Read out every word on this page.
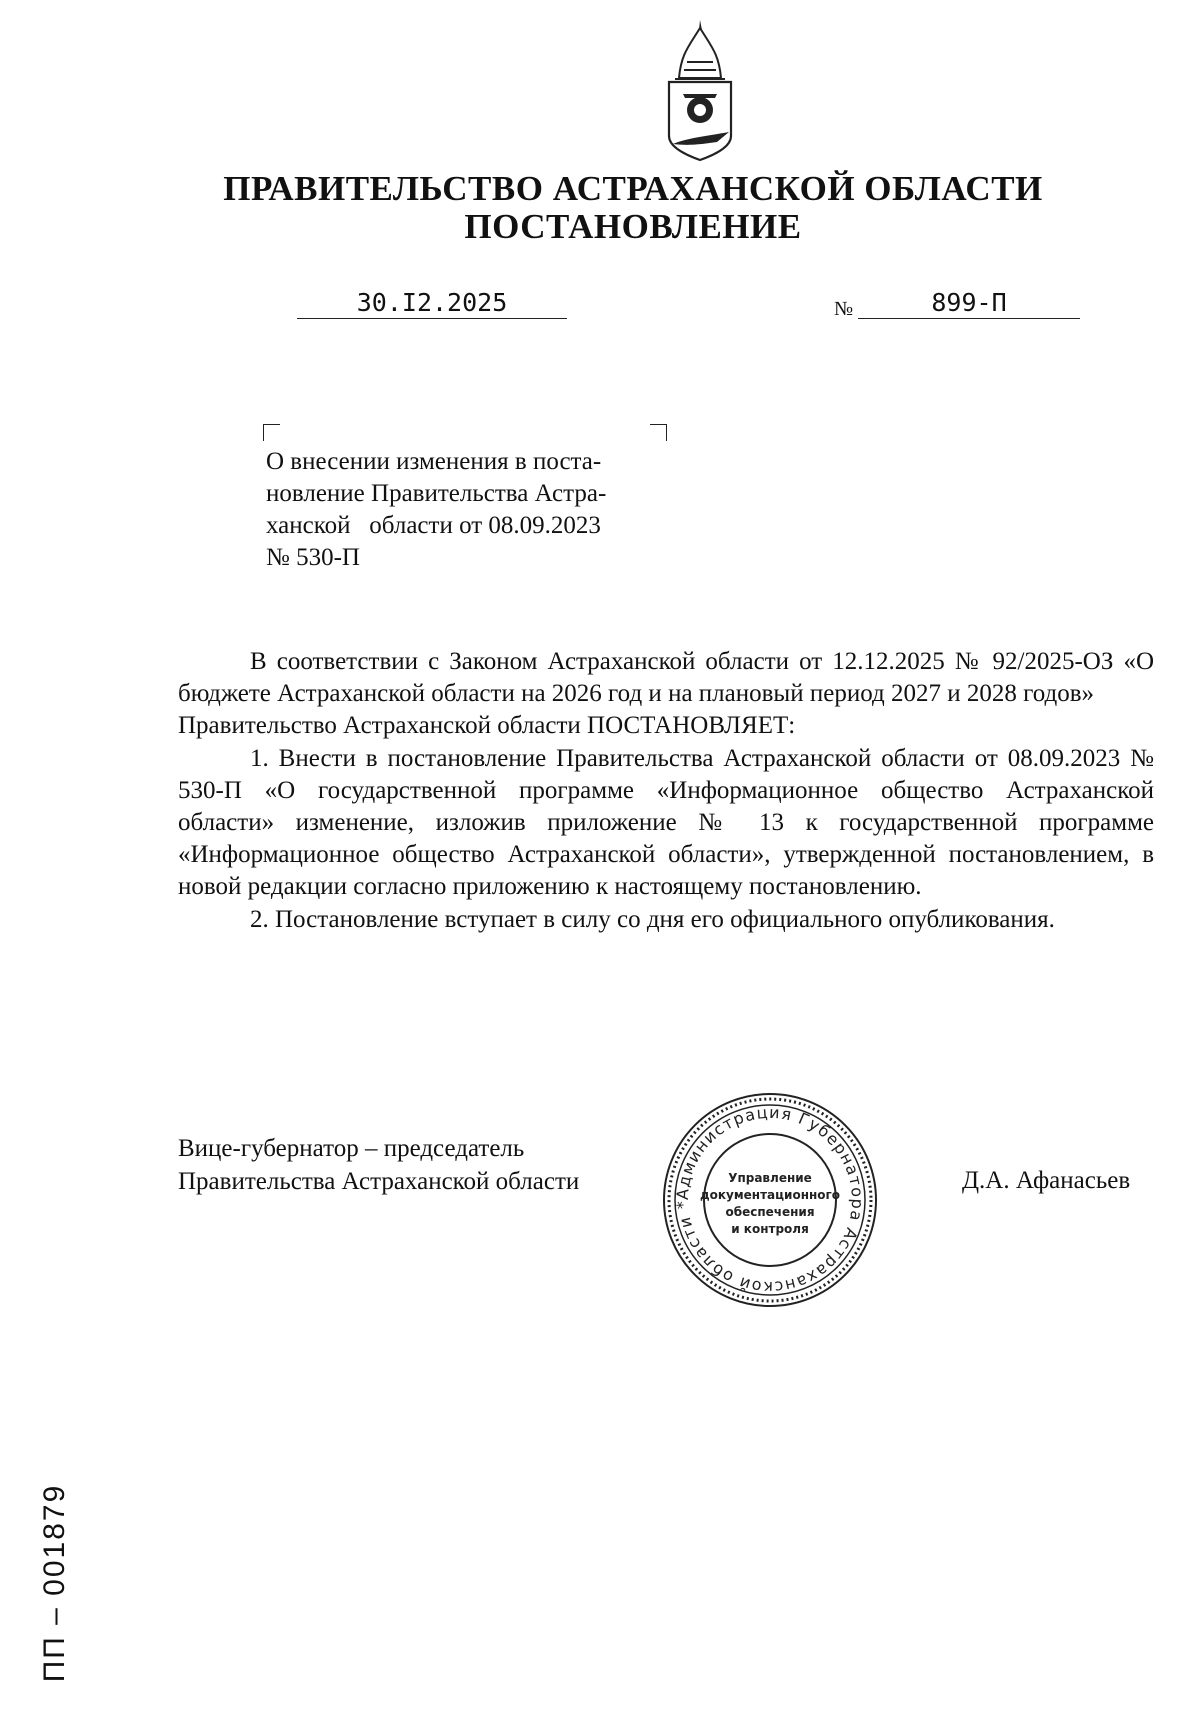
ПРАВИТЕЛЬСТВО АСТРАХАНСКОЙ ОБЛАСТИ
ПОСТАНОВЛЕНИЕ
30.I2.2025	№	899-П
О внесении изменения в поста-
новление Правительства Астра-
ханской   области от 08.09.2023
№ 530-П

В соответствии с Законом Астраханской области от 12.12.2025 № 92/2025-ОЗ «О бюджете Астраханской области на 2026 год и на плановый период 2027 и 2028 годов»

Правительство Астраханской области ПОСТАНОВЛЯЕТ:

1. Внести в постановление Правительства Астраханской области от 08.09.2023 № 530-П «О государственной программе «Информационное общество Астраханской области» изменение, изложив приложение № 13 к государственной программе «Информационное общество Астраханской области», утвержденной постановлением, в новой редакции согласно приложению к настоящему постановлению.

2. Постановление вступает в силу со дня его официального опубликования.

Вице-губернатор – председатель
Правительства Астраханской области	Д.А. Афанасьев
Администрация Губернатора Астраханской области *
Управление
документационного
обеспечения
и контроля
ПП – 001879
